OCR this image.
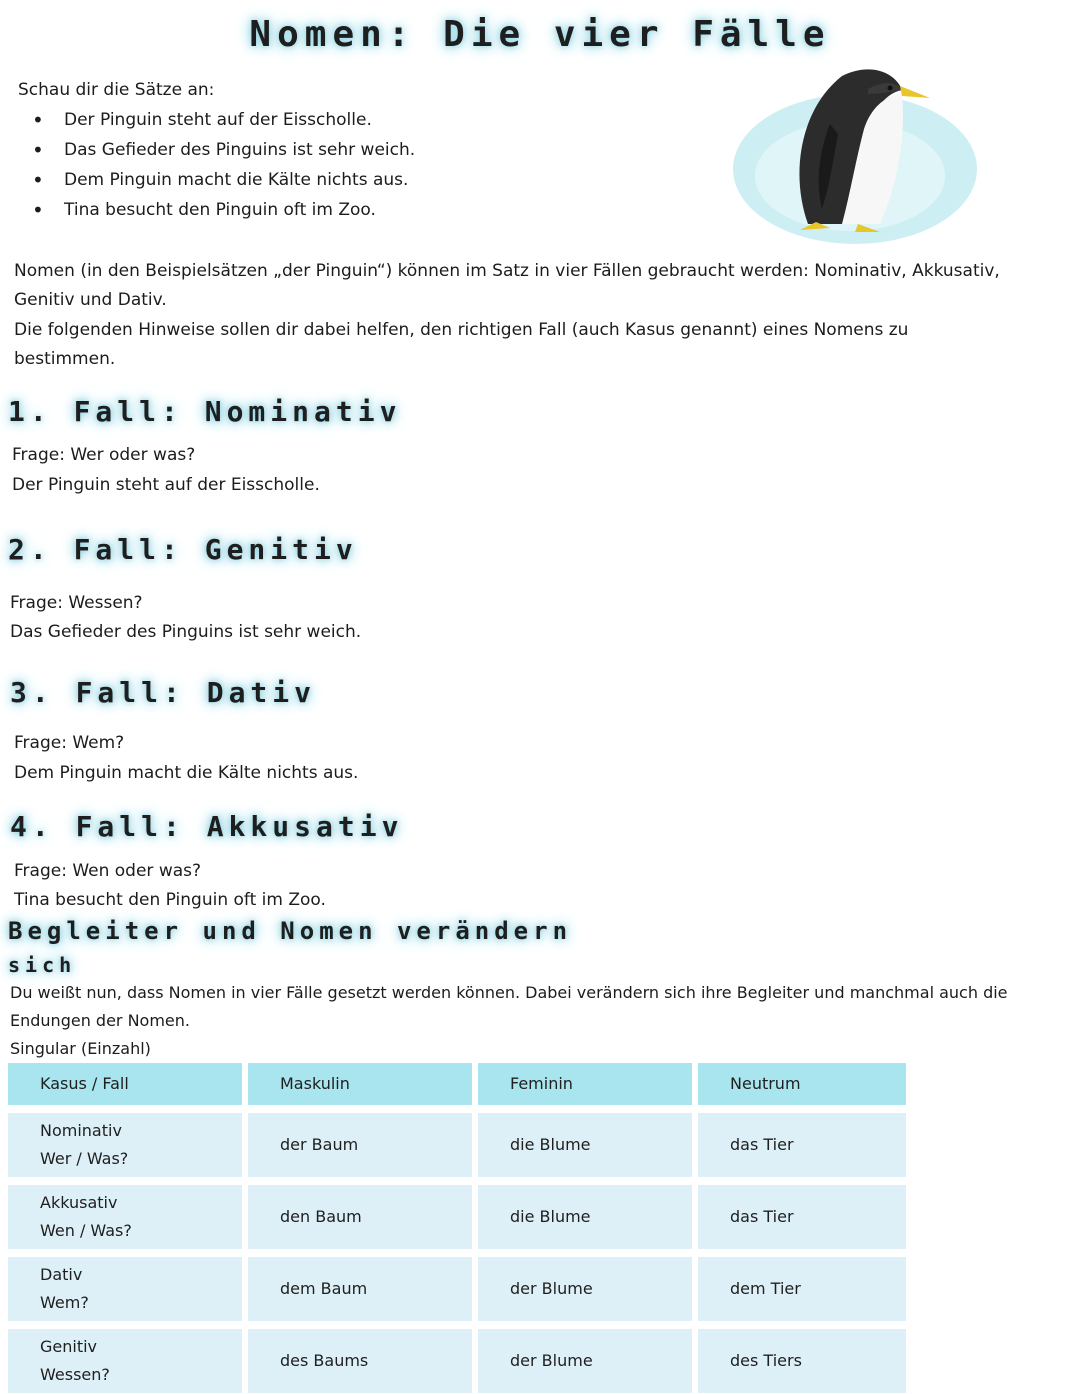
Nomen: Die vier Fälle
Schau dir die Sätze an:
• Der Pinguin steht auf der Eisscholle.
• Das Gefieder des Pinguins ist sehr weich.
• Dem Pinguin macht die Kälte nichts aus.
• Tina besucht den Pinguin oft im Zoo.
Nomen (in den Beispielsätzen „der Pinguin“) können im Satz in vier Fällen gebraucht werden: Nominativ, Akkusativ, Genitiv und Dativ.
Die folgenden Hinweise sollen dir dabei helfen, den richtigen Fall (auch Kasus genannt) eines Nomens zu bestimmen.
1. Fall: Nominativ
Frage: Wer oder was?
Der Pinguin steht auf der Eisscholle.
2. Fall: Genitiv
Frage: Wessen?
Das Gefieder des Pinguins ist sehr weich.
3. Fall: Dativ
Frage: Wem?
Dem Pinguin macht die Kälte nichts aus.
4. Fall: Akkusativ
Frage: Wen oder was?
Tina besucht den Pinguin oft im Zoo.
Begleiter und Nomen verändern
sich
Du weißt nun, dass Nomen in vier Fälle gesetzt werden können. Dabei verändern sich ihre Begleiter und manchmal auch die Endungen der Nomen.
Singular (Einzahl)
Kasus / Fall	Maskulin	Feminin	Neutrum
Nominativ
Wer / Was?
der Baum	die Blume	das Tier
Akkusativ
Wen / Was?
den Baum	die Blume	das Tier
Dativ
Wem?
dem Baum	der Blume	dem Tier
Genitiv
Wessen?
des Baums	der Blume	des Tiers
